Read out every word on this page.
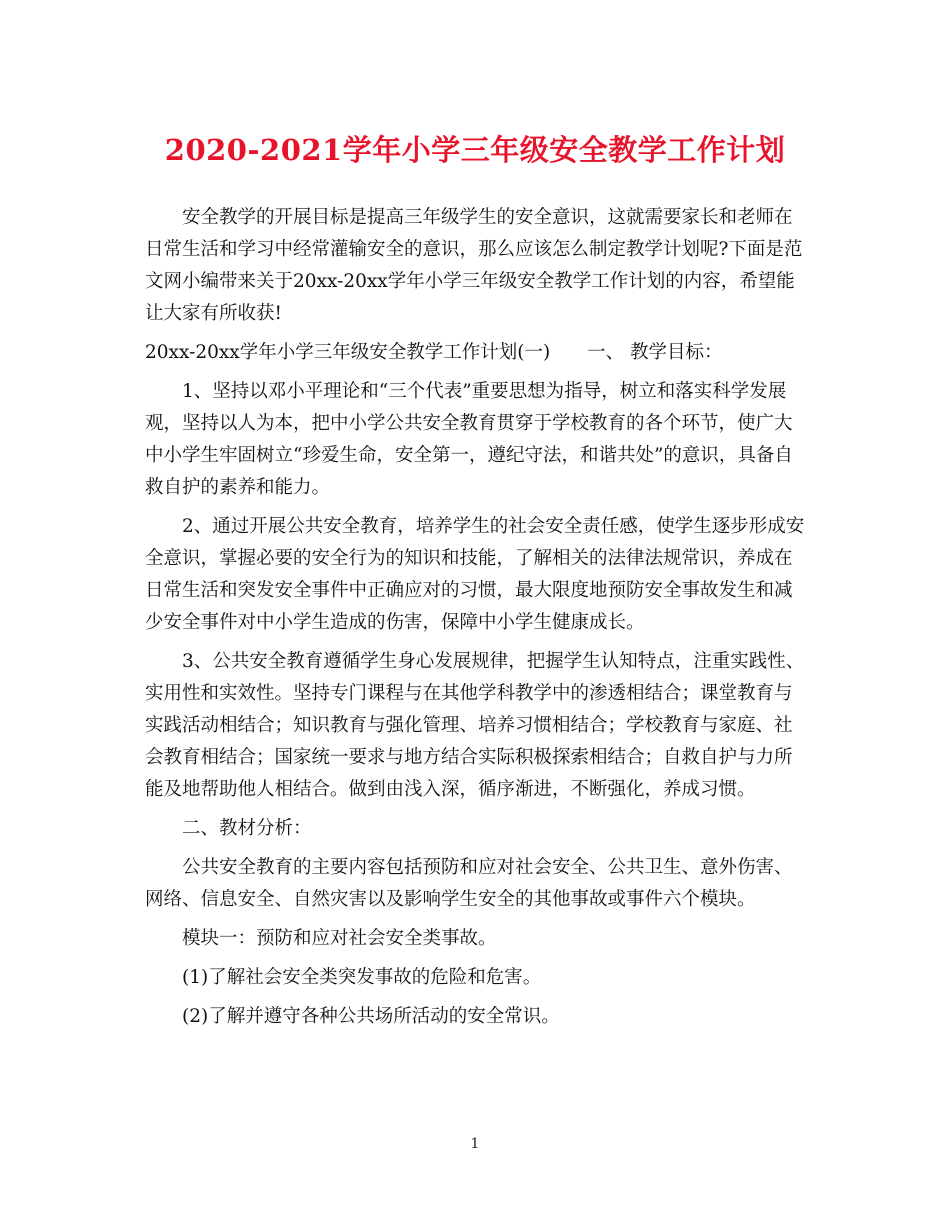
2020-2021学年小学三年级安全教学工作计划

安全教学的开展目标是提高三年级学生的安全意识，这就需要家长和老师在日常生活和学习中经常灌输安全的意识，那么应该怎么制定教学计划呢?下面是范文网小编带来关于20xx-20xx学年小学三年级安全教学工作计划的内容，希望能让大家有所收获!

20xx-20xx学年小学三年级安全教学工作计划(一)　　一、 教学目标：

1、坚持以邓小平理论和“三个代表”重要思想为指导，树立和落实科学发展观，坚持以人为本，把中小学公共安全教育贯穿于学校教育的各个环节，使广大中小学生牢固树立“珍爱生命，安全第一，遵纪守法，和谐共处”的意识，具备自救自护的素养和能力。

2、通过开展公共安全教育，培养学生的社会安全责任感，使学生逐步形成安全意识，掌握必要的安全行为的知识和技能，了解相关的法律法规常识，养成在日常生活和突发安全事件中正确应对的习惯，最大限度地预防安全事故发生和减少安全事件对中小学生造成的伤害，保障中小学生健康成长。

3、公共安全教育遵循学生身心发展规律，把握学生认知特点，注重实践性、实用性和实效性。坚持专门课程与在其他学科教学中的渗透相结合；课堂教育与实践活动相结合；知识教育与强化管理、培养习惯相结合；学校教育与家庭、社会教育相结合；国家统一要求与地方结合实际积极探索相结合；自救自护与力所能及地帮助他人相结合。做到由浅入深，循序渐进，不断强化，养成习惯。

二、教材分析：

公共安全教育的主要内容包括预防和应对社会安全、公共卫生、意外伤害、网络、信息安全、自然灾害以及影响学生安全的其他事故或事件六个模块。

模块一：预防和应对社会安全类事故。

(1)了解社会安全类突发事故的危险和危害。

(2)了解并遵守各种公共场所活动的安全常识。

1
